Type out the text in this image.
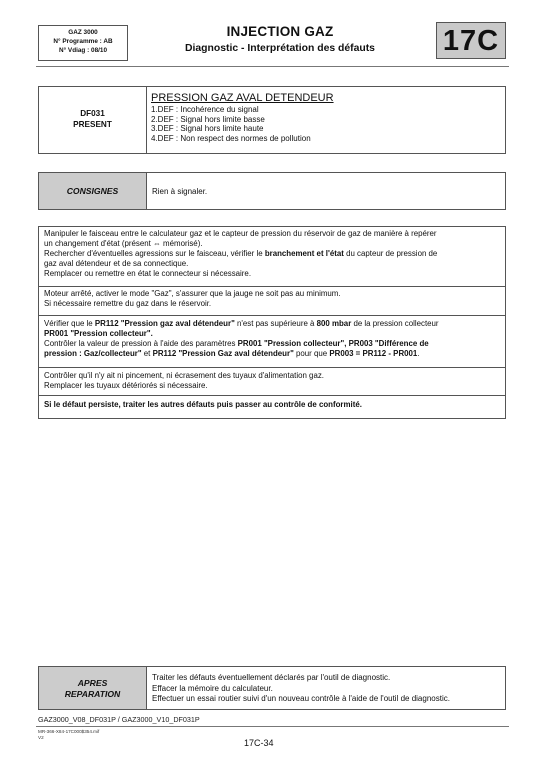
GAZ 3000
N° Programme : AB
N° Vdiag : 08/10
INJECTION GAZ
Diagnostic - Interprétation des défauts	17C
DF031
PRESENT
PRESSION GAZ AVAL DETENDEUR
1.DEF : Incohérence du signal
2.DEF : Signal hors limite basse
3.DEF : Signal hors limite haute
4.DEF : Non respect des normes de pollution
CONSIGNES	Rien à signaler.

Manipuler le faisceau entre le calculateur gaz et le capteur de pression du réservoir de gaz de manière à repérer

un changement d'état (présent ⇔ mémorisé).

Rechercher d'éventuelles agressions sur le faisceau, vérifier le branchement et l'état du capteur de pression de

gaz aval détendeur et de sa connectique.

Remplacer ou remettre en état le connecteur si nécessaire.

Moteur arrêté, activer le mode "Gaz", s'assurer que la jauge ne soit pas au minimum.

Si nécessaire remettre du gaz dans le réservoir.

Vérifier que le PR112 "Pression gaz aval détendeur" n'est pas supérieure à 800 mbar de la pression collecteur

PR001 "Pression collecteur".

Contrôler la valeur de pression à l'aide des paramètres PR001 "Pression collecteur", PR003 "Différence de

pression : Gaz/collecteur" et PR112 "Pression Gaz aval détendeur" pour que PR003 = PR112 - PR001.

Contrôler qu'il n'y ait ni pincement, ni écrasement des tuyaux d'alimentation gaz.

Remplacer les tuyaux détériorés si nécessaire.

Si le défaut persiste, traiter les autres défauts puis passer au contrôle de conformité.

APRES
REPARATION
Traiter les défauts éventuellement déclarés par l'outil de diagnostic.
Effacer la mémoire du calculateur.
Effectuer un essai routier suivi d'un nouveau contrôle à l'aide de l'outil de diagnostic.
GAZ3000_V08_DF031P / GAZ3000_V10_DF031P
MR-366-X84-17C000$354.mif
V2
17C-34
